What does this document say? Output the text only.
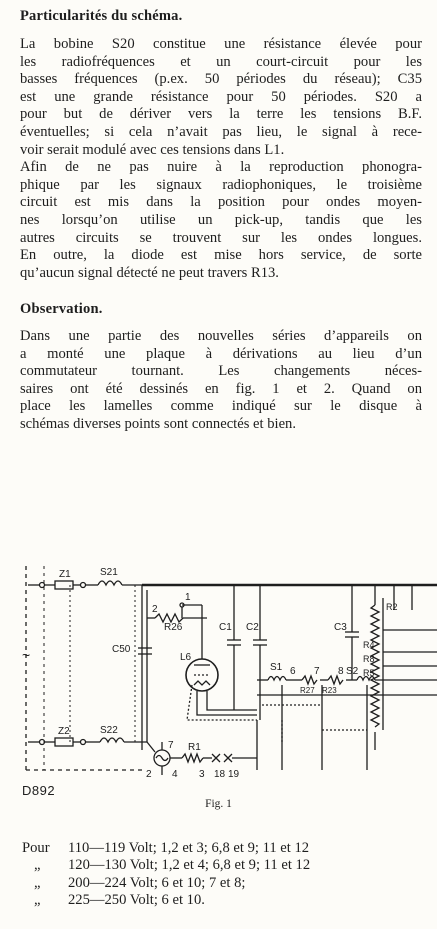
Particularités du schéma.
La bobine S20 constitue une résistance élevée pour
les radiofréquences et un court-circuit pour les
basses fréquences (p.ex. 50 périodes du réseau); C35
est une grande résistance pour 50 périodes. S20 a
pour but de dériver vers la terre les tensions B.F.
éventuelles; si cela n’avait pas lieu, le signal à rece-
voir serait modulé avec ces tensions dans L1.
Afin de ne pas nuire à la reproduction phonogra-
phique par les signaux radiophoniques, le troisième
circuit est mis dans la position pour ondes moyen-
nes lorsqu’on utilise un pick-up, tandis que les
autres circuits se trouvent sur les ondes longues.
En outre, la diode est mise hors service, de sorte
qu’aucun signal détecté ne peut travers R13.
Observation.
Dans une partie des nouvelles séries d’appareils on
a monté une plaque à dérivations au lieu d’un
commutateur tournant. Les changements néces-
saires ont été dessinés en fig. 1 et 2. Quand on
place les lamelles comme indiqué sur le disque à
schémas diverses points sont connectés et bien.
Z1	S21
Z2	S22
C50
R26
L6
C1 C2	C3
S1
R27 R23
S2
R2
R4
R8
R5
R1
~
1
2
2	3
4
6 7
7
8
18 19
D892
Fig. 1
Pour	110—119 Volt; 1,2 et 3; 6,8 et 9; 11 et 12
„	120—130 Volt; 1,2 et 4; 6,8 et 9; 11 et 12
„	200—224 Volt; 6 et 10; 7 et 8;
„	225—250 Volt; 6 et 10.
